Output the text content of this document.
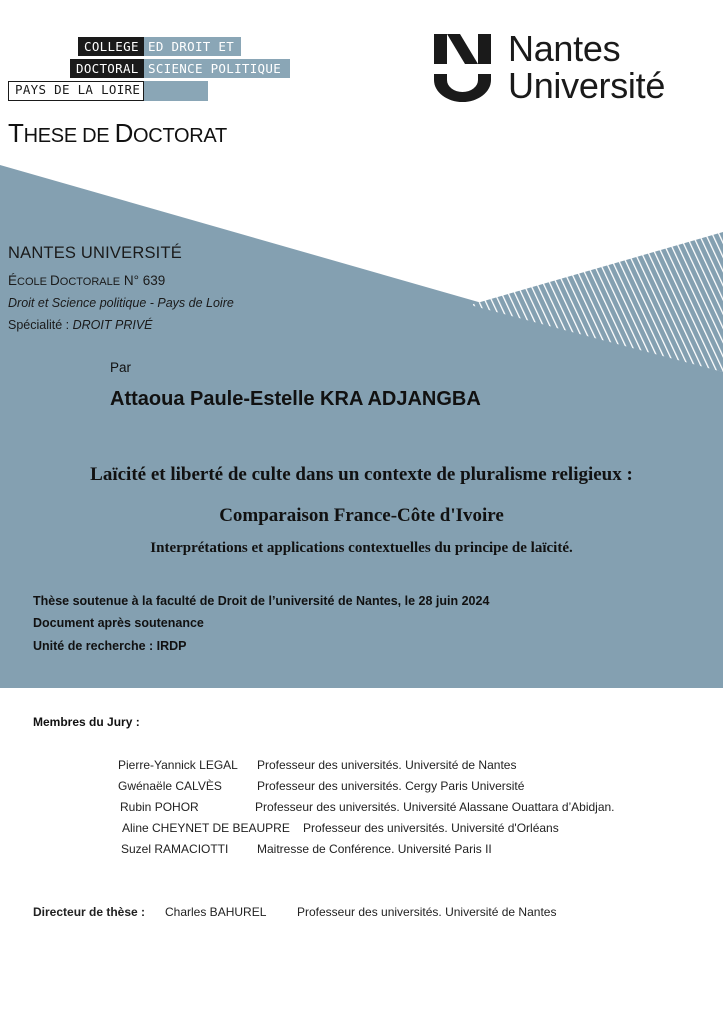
COLLEGE ED DROIT ET
DOCTORAL SCIENCE POLITIQUE
PAYS DE LA LOIRE
Nantes
Université
THESE DE DOCTORAT
NANTES UNIVERSITÉ
ÉCOLE DOCTORALE N° 639
Droit et Science politique - Pays de Loire
Spécialité : DROIT PRIVÉ
Par
Attaoua Paule-Estelle KRA ADJANGBA
Laïcité et liberté de culte dans un contexte de pluralisme religieux :
Comparaison France-Côte d'Ivoire
Interprétations et applications contextuelles du principe de laïcité.
Thèse soutenue à la faculté de Droit de l’université de Nantes, le 28 juin 2024
Document après soutenance
Unité de recherche : IRDP
Membres du Jury :
Pierre-Yannick LEGAL Professeur des universités. Université de Nantes
Gwénaële CALVÈS	Professeur des universités. Cergy Paris Université
Rubin POHOR	Professeur des universités. Université Alassane Ouattara d’Abidjan.
Aline CHEYNET DE BEAUPRE Professeur des universités. Université d'Orléans
Suzel RAMACIOTTI Maitresse de Conférence. Université Paris II
Directeur de thèse : Charles BAHUREL	Professeur des universités. Université de Nantes
